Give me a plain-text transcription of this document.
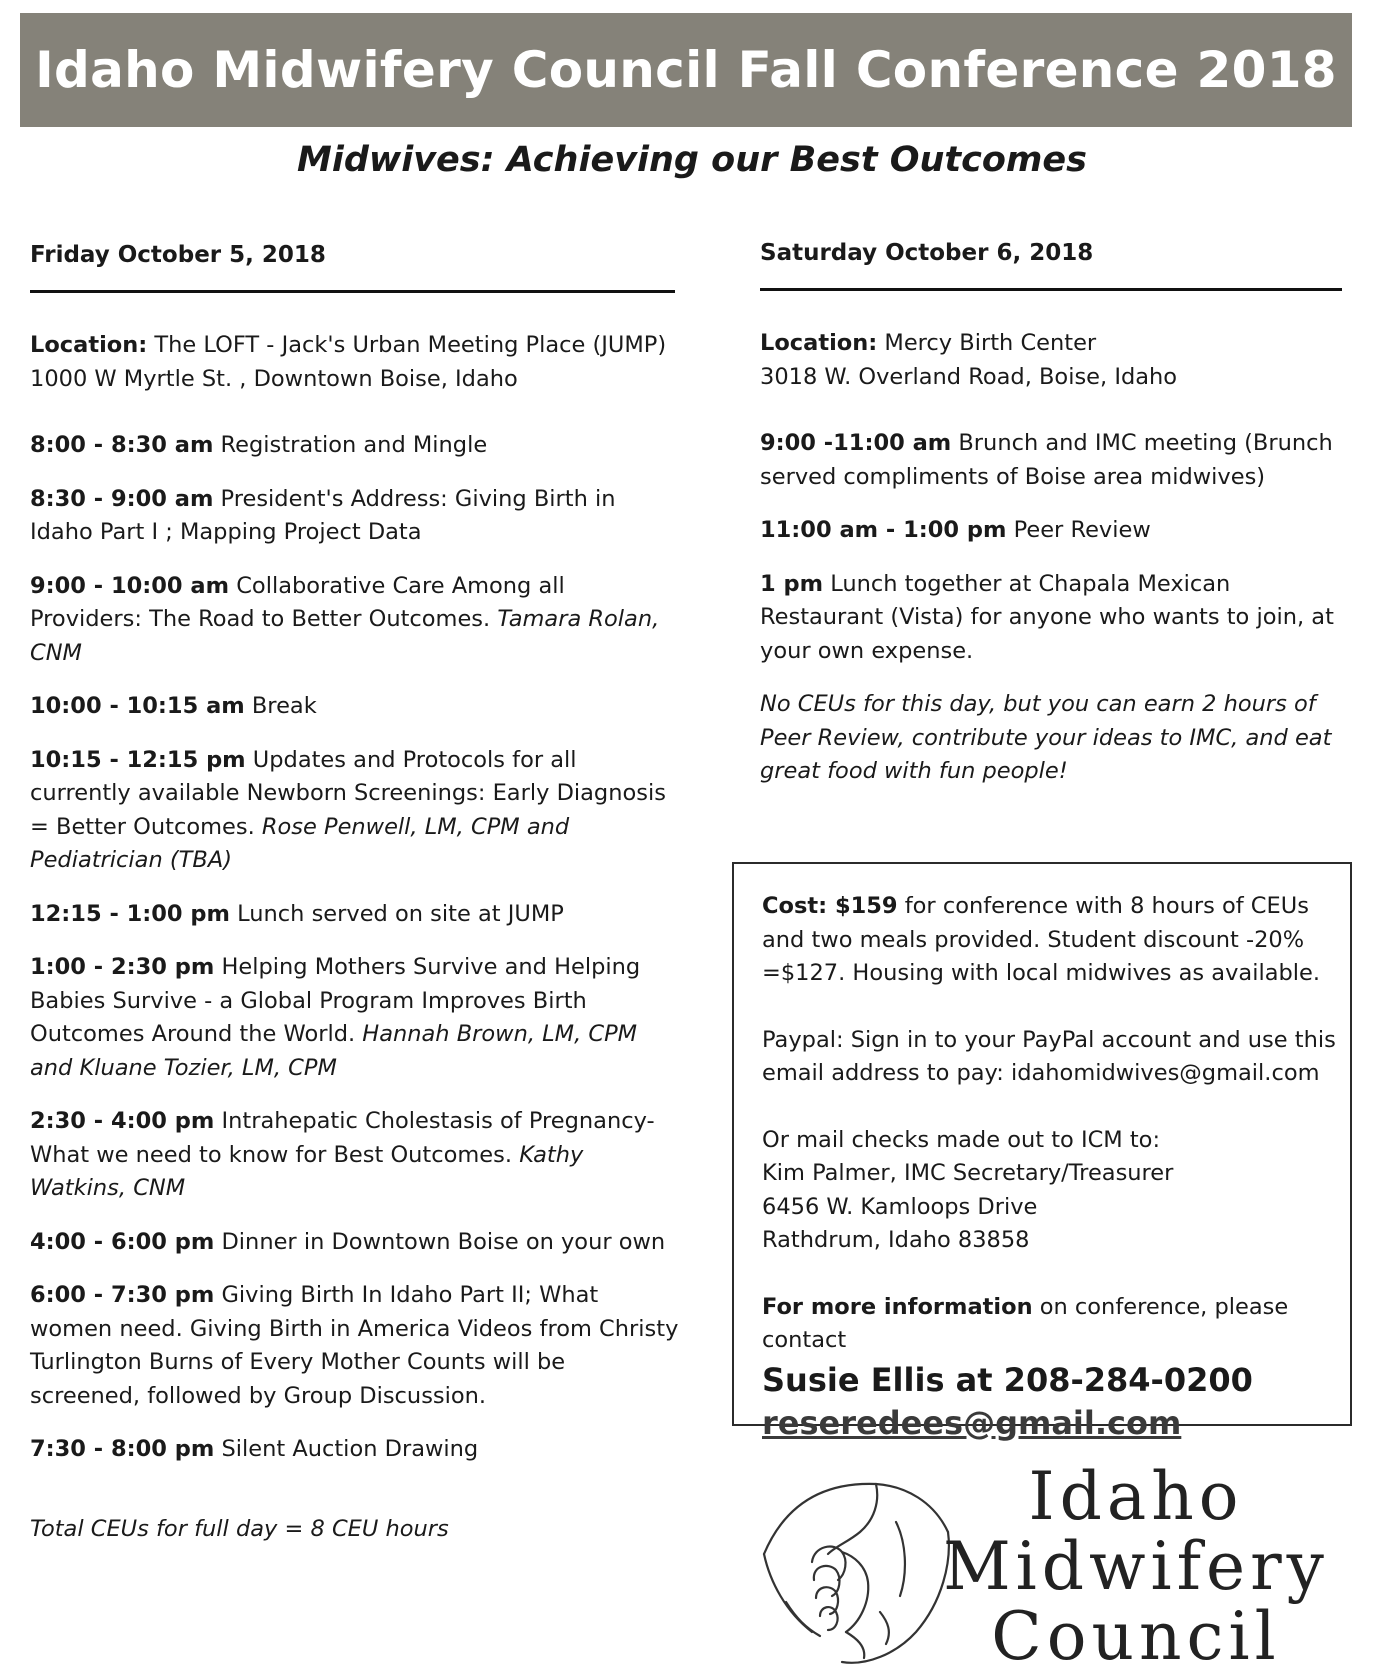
Idaho Midwifery Council Fall Conference 2018
Midwives: Achieving our Best Outcomes

Friday October 5, 2018

Location: The LOFT - Jack's Urban Meeting Place (JUMP)
1000 W Myrtle St. , Downtown Boise, Idaho

8:00 - 8:30 am Registration and Mingle

8:30 - 9:00 am President's Address: Giving Birth in Idaho Part I ; Mapping Project Data

9:00 - 10:00 am Collaborative Care Among all Providers: The Road to Better Outcomes. Tamara Rolan, CNM

10:00 - 10:15 am Break

10:15 - 12:15 pm Updates and Protocols for all currently available Newborn Screenings: Early Diagnosis = Better Outcomes. Rose Penwell, LM, CPM and Pediatrician (TBA)

12:15 - 1:00 pm Lunch served on site at JUMP

1:00 - 2:30 pm Helping Mothers Survive and Helping Babies Survive - a Global Program Improves Birth Outcomes Around the World. Hannah Brown, LM, CPM and Kluane Tozier, LM, CPM

2:30 - 4:00 pm Intrahepatic Cholestasis of Pregnancy- What we need to know for Best Outcomes. Kathy Watkins, CNM

4:00 - 6:00 pm Dinner in Downtown Boise on your own

6:00 - 7:30 pm Giving Birth In Idaho Part II; What women need. Giving Birth in America Videos from Christy Turlington Burns of Every Mother Counts will be screened, followed by Group Discussion.

7:30 - 8:00 pm Silent Auction Drawing

Total CEUs for full day = 8 CEU hours

Saturday October 6, 2018

Location: Mercy Birth Center
3018 W. Overland Road, Boise, Idaho

9:00 -11:00 am Brunch and IMC meeting (Brunch served compliments of Boise area midwives)

11:00 am - 1:00 pm Peer Review

1 pm Lunch together at Chapala Mexican Restaurant (Vista) for anyone who wants to join, at your own expense.

No CEUs for this day, but you can earn 2 hours of Peer Review, contribute your ideas to IMC, and eat great food with fun people!

Cost: $159 for conference with 8 hours of CEUs and two meals provided. Student discount -20% =$127. Housing with local midwives as available.

Paypal: Sign in to your PayPal account and use this email address to pay: idahomidwives@gmail.com

Or mail checks made out to ICM to:
Kim Palmer, IMC Secretary/Treasurer
6456 W. Kamloops Drive
Rathdrum, Idaho 83858

For more information on conference, please contact

Susie Ellis at 208-284-0200

reseredees@gmail.com

Idaho
Midwifery
Council
